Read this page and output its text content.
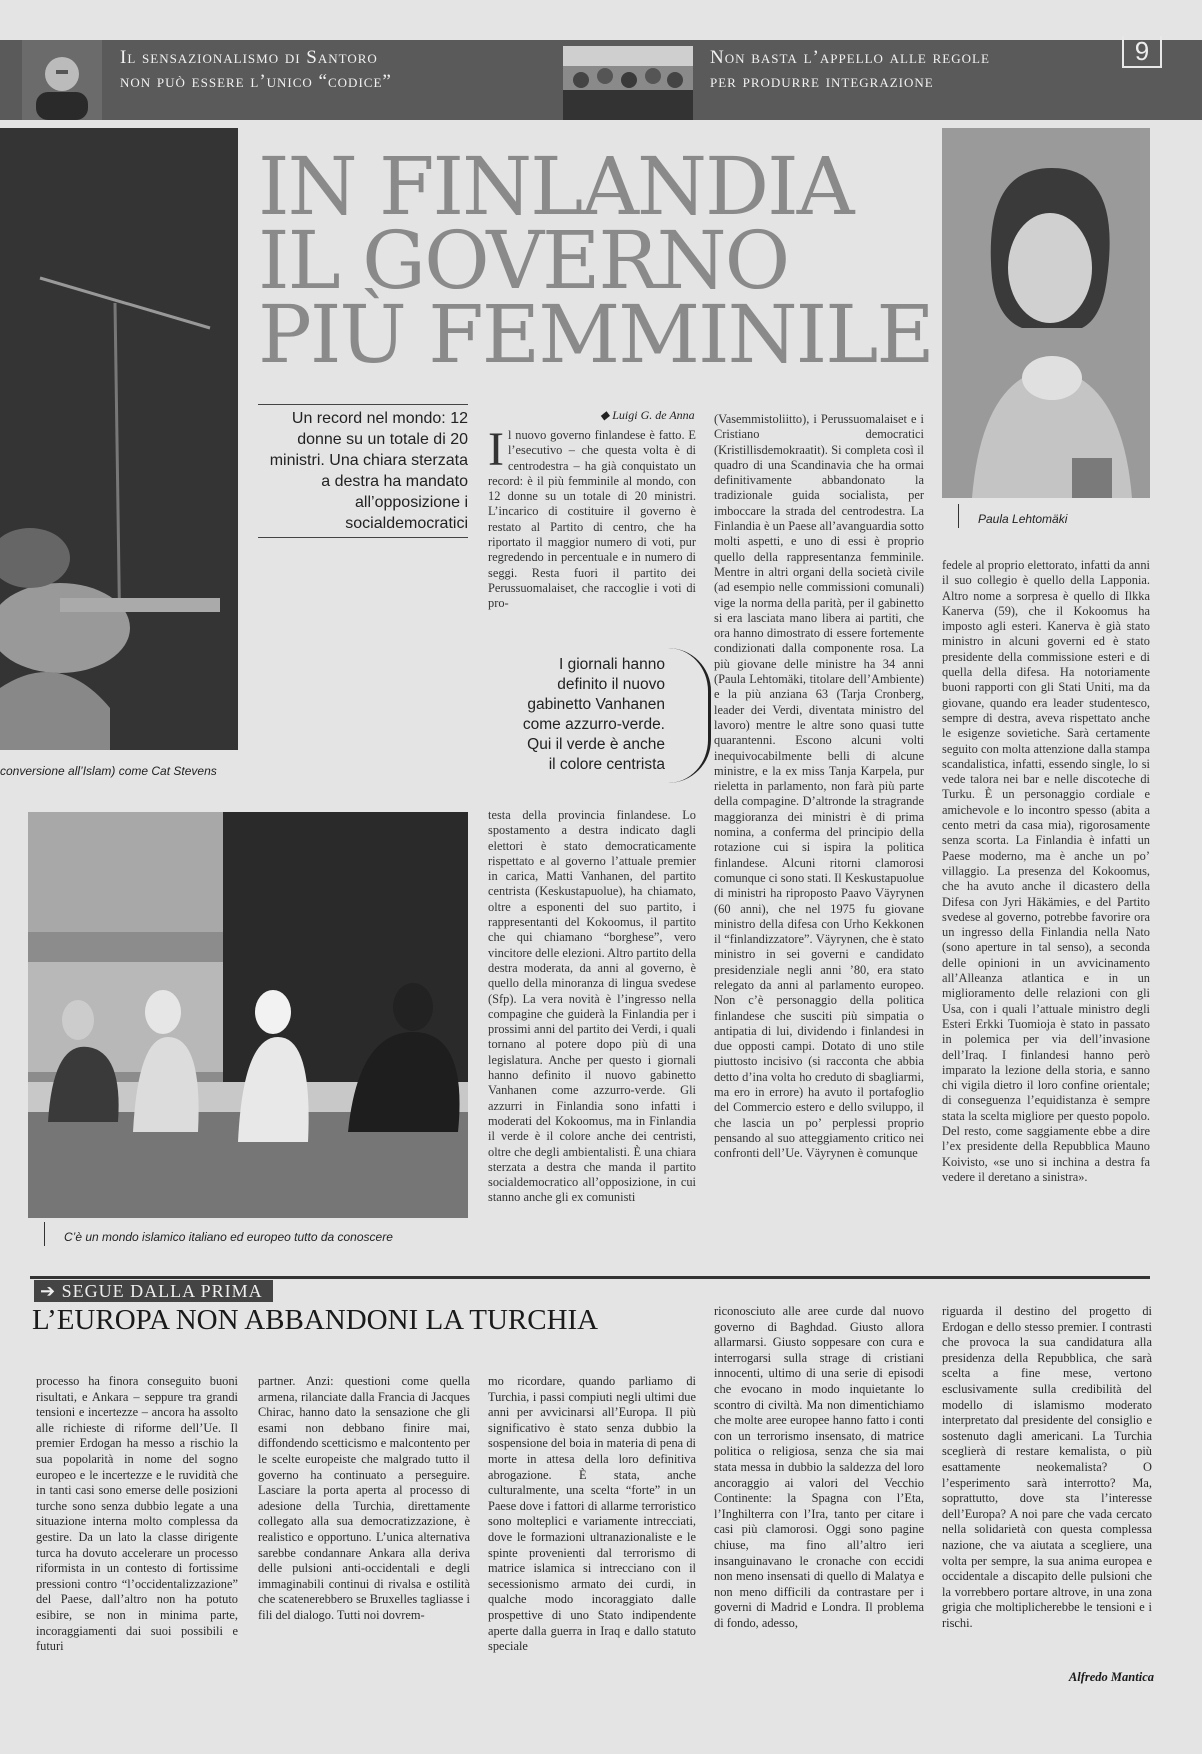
Il sensazionalismo di Santoro
non può essere l’unico “codice”
Non basta l’appello alle regole
per produrre integrazione
9
conversione all’Islam) come Cat Stevens
IN FINLANDIA
IL GOVERNO
PIÙ FEMMINILE
Paula Lehtomäki
Un record nel mondo: 12 donne su un totale di 20 ministri. Una chiara sterzata a destra ha mandato all’opposizione i socialdemocratici
◆ Luigi G. de Anna
Il nuovo governo finlandese è fatto. E l’esecutivo – che questa volta è di centrodestra – ha già conquistato un record: è il più femminile al mondo, con 12 donne su un totale di 20 ministri. L’incarico di costituire il governo è restato al Partito di centro, che ha riportato il maggior numero di voti, pur regredendo in percentuale e in numero di seggi. Resta fuori il partito dei Perussuomalaiset, che raccoglie i voti di pro-
I giornali hanno definito il nuovo gabinetto Vanhanen come azzurro-verde. Qui il verde è anche il colore centrista
testa della provincia finlandese. Lo spostamento a destra indicato dagli elettori è stato democraticamente rispettato e al governo l’attuale premier in carica, Matti Vanhanen, del partito centrista (Keskustapuolue), ha chiamato, oltre a esponenti del suo partito, i rappresentanti del Kokoomus, il partito che qui chiamano “borghese”, vero vincitore delle elezioni. Altro partito della destra moderata, da anni al governo, è quello della minoranza di lingua svedese (Sfp). La vera novità è l’ingresso nella compagine che guiderà la Finlandia per i prossimi anni del partito dei Verdi, i quali tornano al potere dopo più di una legislatura. Anche per questo i giornali hanno definito il nuovo gabinetto Vanhanen come azzurro-verde. Gli azzurri in Finlandia sono infatti i moderati del Kokoomus, ma in Finlandia il verde è il colore anche dei centristi, oltre che degli ambientalisti. È una chiara sterzata a destra che manda il partito socialdemocratico all’opposizione, in cui stanno anche gli ex comunisti
(Vasemmistoliitto), i Perussuomalaiset e i Cristiano democratici (Kristillisdemokraatit). Si completa così il quadro di una Scandinavia che ha ormai definitivamente abbandonato la tradizionale guida socialista, per imboccare la strada del centrodestra. La Finlandia è un Paese all’avanguardia sotto molti aspetti, e uno di essi è proprio quello della rappresentanza femminile. Mentre in altri organi della società civile (ad esempio nelle commissioni comunali) vige la norma della parità, per il gabinetto si era lasciata mano libera ai partiti, che ora hanno dimostrato di essere fortemente condizionati dalla componente rosa. La più giovane delle ministre ha 34 anni (Paula Lehtomäki, titolare dell’Ambiente) e la più anziana 63 (Tarja Cronberg, leader dei Verdi, diventata ministro del lavoro) mentre le altre sono quasi tutte quarantenni. Escono alcuni volti inequivocabilmente belli di alcune ministre, e la ex miss Tanja Karpela, pur rieletta in parlamento, non farà più parte della compagine. D’altronde la stragrande maggioranza dei ministri è di prima nomina, a conferma del principio della rotazione cui si ispira la politica finlandese. Alcuni ritorni clamorosi comunque ci sono stati. Il Keskustapuolue di ministri ha riproposto Paavo Väyrynen (60 anni), che nel 1975 fu giovane ministro della difesa con Urho Kekkonen il “finlandizzatore”. Väyrynen, che è stato ministro in sei governi e candidato presidenziale negli anni ’80, era stato relegato da anni al parlamento europeo. Non c’è personaggio della politica finlandese che susciti più simpatia o antipatia di lui, dividendo i finlandesi in due opposti campi. Dotato di uno stile piuttosto incisivo (si racconta che abbia detto d’ina volta ho creduto di sbagliarmi, ma ero in errore) ha avuto il portafoglio del Commercio estero e dello sviluppo, il che lascia un po’ perplessi proprio pensando al suo atteggiamento critico nei confronti dell’Ue. Väyrynen è comunque
fedele al proprio elettorato, infatti da anni il suo collegio è quello della Lapponia. Altro nome a sorpresa è quello di Ilkka Kanerva (59), che il Kokoomus ha imposto agli esteri. Kanerva è già stato ministro in alcuni governi ed è stato presidente della commissione esteri e di quella della difesa. Ha notoriamente buoni rapporti con gli Stati Uniti, ma da giovane, quando era leader studentesco, sempre di destra, aveva rispettato anche le esigenze sovietiche. Sarà certamente seguito con molta attenzione dalla stampa scandalistica, infatti, essendo single, lo si vede talora nei bar e nelle discoteche di Turku. È un personaggio cordiale e amichevole e lo incontro spesso (abita a cento metri da casa mia), rigorosamente senza scorta. La Finlandia è infatti un Paese moderno, ma è anche un po’ villaggio. La presenza del Kokoomus, che ha avuto anche il dicastero della Difesa con Jyri Häkämies, e del Partito svedese al governo, potrebbe favorire ora un ingresso della Finlandia nella Nato (sono aperture in tal senso), a seconda delle opinioni in un avvicinamento all’Alleanza atlantica e in un miglioramento delle relazioni con gli Usa, con i quali l’attuale ministro degli Esteri Erkki Tuomioja è stato in passato in polemica per via dell’invasione dell’Iraq. I finlandesi hanno però imparato la lezione della storia, e sanno chi vigila dietro il loro confine orientale; di conseguenza l’equidistanza è sempre stata la scelta migliore per questo popolo. Del resto, come saggiamente ebbe a dire l’ex presidente della Repubblica Mauno Koivisto, «se uno si inchina a destra fa vedere il deretano a sinistra».
C’è un mondo islamico italiano ed europeo tutto da conoscere
➔ SEGUE DALLA PRIMA
L’EUROPA NON ABBANDONI LA TURCHIA
processo ha finora conseguito buoni risultati, e Ankara – seppure tra grandi tensioni e incertezze – ancora ha assolto alle richieste di riforme dell’Ue. Il premier Erdogan ha messo a rischio la sua popolarità in nome del sogno europeo e le incertezze e le ruvidità che in tanti casi sono emerse delle posizioni turche sono senza dubbio legate a una situazione interna molto complessa da gestire. Da un lato la classe dirigente turca ha dovuto accelerare un processo riformista in un contesto di fortissime pressioni contro “l’occidentalizzazione” del Paese, dall’altro non ha potuto esibire, se non in minima parte, incoraggiamenti dai suoi possibili e futuri
partner. Anzi: questioni come quella armena, rilanciate dalla Francia di Jacques Chirac, hanno dato la sensazione che gli esami non debbano finire mai, diffondendo scetticismo e malcontento per le scelte europeiste che malgrado tutto il governo ha continuato a perseguire. Lasciare la porta aperta al processo di adesione della Turchia, direttamente collegato alla sua democratizzazione, è realistico e opportuno. L’unica alternativa sarebbe condannare Ankara alla deriva delle pulsioni anti-occidentali e degli immaginabili continui di rivalsa e ostilità che scatenerebbero se Bruxelles tagliasse i fili del dialogo. Tutti noi dovrem-
mo ricordare, quando parliamo di Turchia, i passi compiuti negli ultimi due anni per avvicinarsi all’Europa. Il più significativo è stato senza dubbio la sospensione del boia in materia di pena di morte in attesa della loro definitiva abrogazione. È stata, anche culturalmente, una scelta “forte” in un Paese dove i fattori di allarme terroristico sono molteplici e variamente intrecciati, dove le formazioni ultranazionaliste e le spinte provenienti dal terrorismo di matrice islamica si intrecciano con il secessionismo armato dei curdi, in qualche modo incoraggiato dalle prospettive di uno Stato indipendente aperte dalla guerra in Iraq e dallo statuto speciale
riconosciuto alle aree curde dal nuovo governo di Baghdad. Giusto allora allarmarsi. Giusto soppesare con cura e interrogarsi sulla strage di cristiani innocenti, ultimo di una serie di episodi che evocano in modo inquietante lo scontro di civiltà. Ma non dimentichiamo che molte aree europee hanno fatto i conti con un terrorismo insensato, di matrice politica o religiosa, senza che sia mai stata messa in dubbio la saldezza del loro ancoraggio ai valori del Vecchio Continente: la Spagna con l’Eta, l’Inghilterra con l’Ira, tanto per citare i casi più clamorosi. Oggi sono pagine chiuse, ma fino all’altro ieri insanguinavano le cronache con eccidi non meno insensati di quello di Malatya e non meno difficili da contrastare per i governi di Madrid e Londra. Il problema di fondo, adesso,
riguarda il destino del progetto di Erdogan e dello stesso premier. I contrasti che provoca la sua candidatura alla presidenza della Repubblica, che sarà scelta a fine mese, vertono esclusivamente sulla credibilità del modello di islamismo moderato interpretato dal presidente del consiglio e sostenuto dagli americani. La Turchia sceglierà di restare kemalista, o più esattamente neokemalista? O l’esperimento sarà interrotto? Ma, soprattutto, dove sta l’interesse dell’Europa? A noi pare che vada cercato nella solidarietà con questa complessa nazione, che va aiutata a scegliere, una volta per sempre, la sua anima europea e occidentale a discapito delle pulsioni che la vorrebbero portare altrove, in una zona grigia che moltiplicherebbe le tensioni e i rischi.
Alfredo Mantica
